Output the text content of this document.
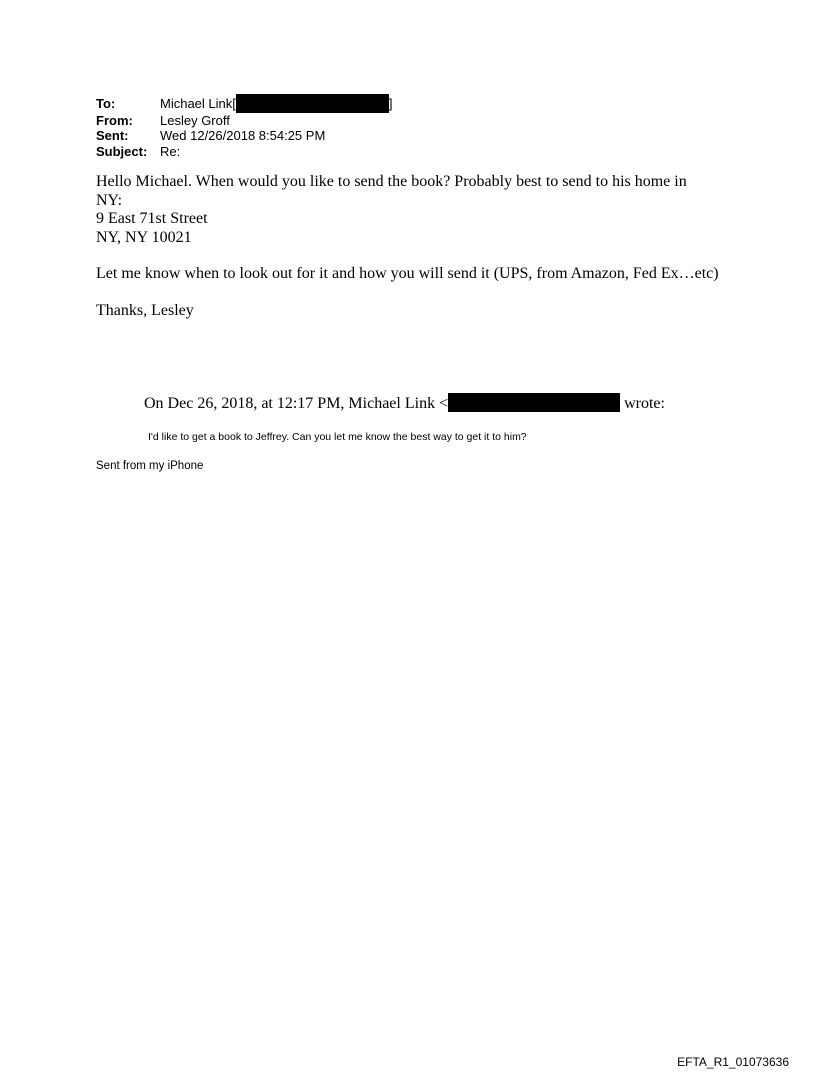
To:	Michael Link[	]
From:	Lesley Groff
Sent:	Wed 12/26/2018 8:54:25 PM
Subject: Re:

Hello Michael. When would you like to send the book? Probably best to send to his home in

NY:

9 East 71st Street

NY, NY 10021

Let me know when to look out for it and how you will send it (UPS, from Amazon, Fed Ex…etc)

Thanks, Lesley

On Dec 26, 2018, at 12:17 PM, Michael Link <	wrote:
I'd like to get a book to Jeffrey. Can you let me know the best way to get it to him?
Sent from my iPhone
EFTA_R1_01073636
